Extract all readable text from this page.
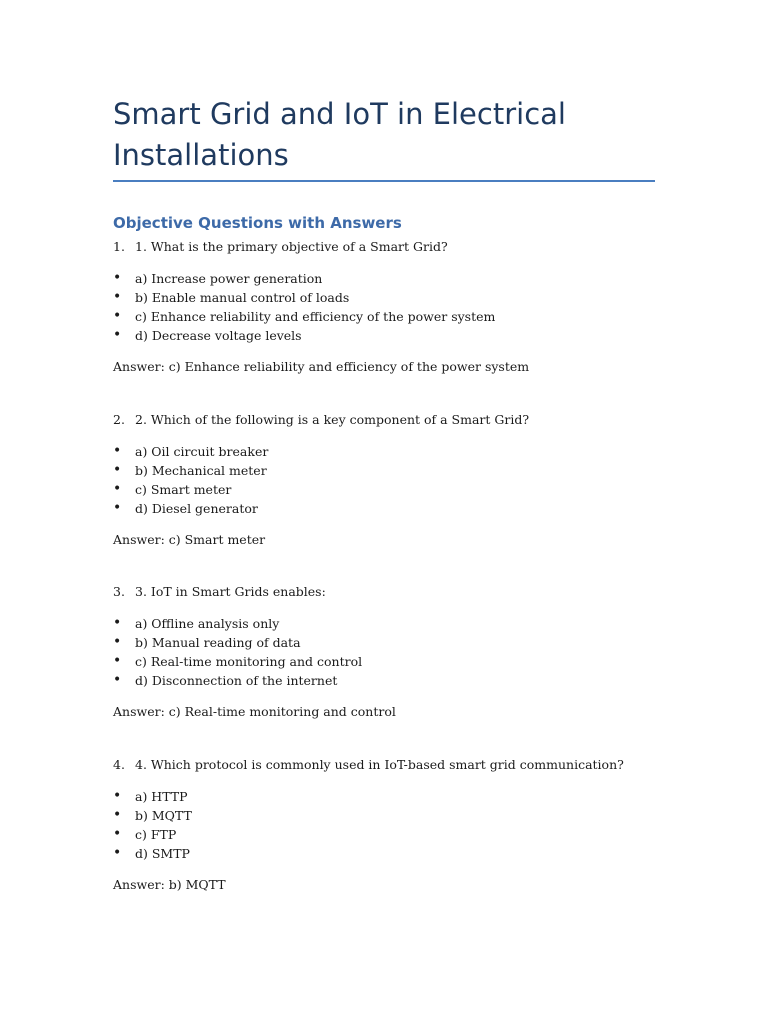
Smart Grid and IoT in Electrical Installations
Objective Questions with Answers
1. 1. What is the primary objective of a Smart Grid?
• a) Increase power generation
• b) Enable manual control of loads
• c) Enhance reliability and efficiency of the power system
• d) Decrease voltage levels
Answer: c) Enhance reliability and efficiency of the power system
2. 2. Which of the following is a key component of a Smart Grid?
• a) Oil circuit breaker
• b) Mechanical meter
• c) Smart meter
• d) Diesel generator
Answer: c) Smart meter
3. 3. IoT in Smart Grids enables:
• a) Offline analysis only
• b) Manual reading of data
• c) Real-time monitoring and control
• d) Disconnection of the internet
Answer: c) Real-time monitoring and control
4. 4. Which protocol is commonly used in IoT-based smart grid communication?
• a) HTTP
• b) MQTT
• c) FTP
• d) SMTP
Answer: b) MQTT
